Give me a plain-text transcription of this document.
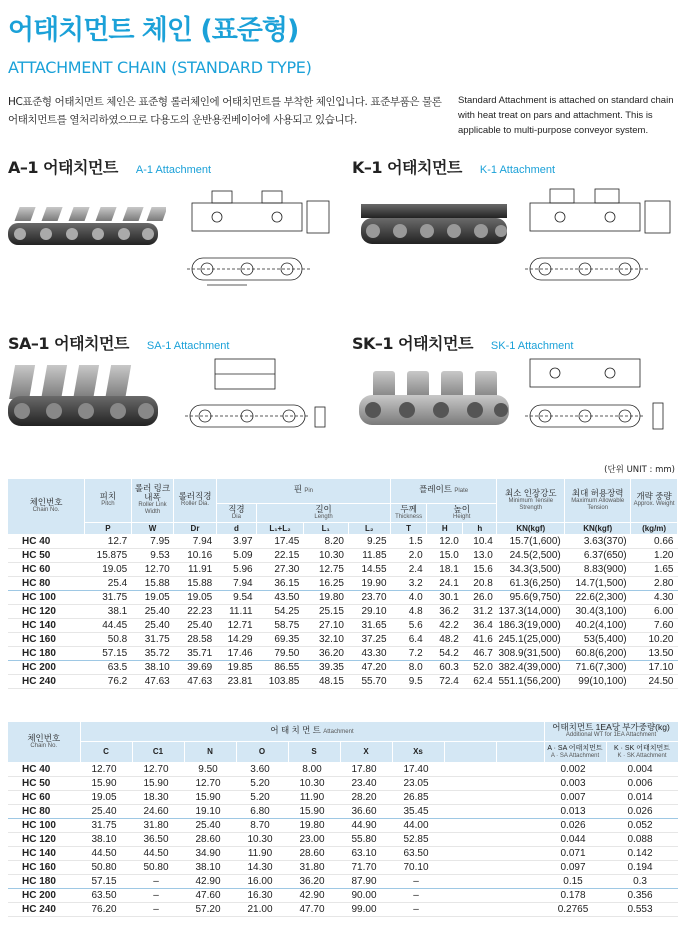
어태치먼트 체인 (표준형)
ATTACHMENT CHAIN (STANDARD TYPE)
HC표준형 어태치먼트 체인은 표준형 롤러체인에 어태치먼트를 부착한 체인입니다. 표준부품은 물론 어태치먼트를 열처리하였으므로 다용도의 운반용컨베이어에 사용되고 있습니다.
Standard Attachment is attached on standard chain with heat treat on pars and attachment. This is applicable to multi-purpose conveyor system.
A–1 어태치먼트 A-1 Attachment	K–1 어태치먼트 K-1 Attachment
SA–1 어태치먼트 SA-1 Attachment	SK–1 어태치먼트 SK-1 Attachment
(단위 UNIT : mm)
체인번호
Chain No.	피치
Pitch	롤러 링크내폭
Roller Link Width	롤러직경
Roller Dia.	핀 Pin				플레이트 Plate			최소 인장강도
Minimum Tensile Strength	최대 허용장력
Maximum Allowable Tension	개략 중량
Approx. Weight

				직경
Dia	길이
Length			두께
Thickness	높이
Height				

	P	W	Dr	d	L₁+L₂	L₁	L₂	T	H	h	KN(kgf)	KN(kgf)	(kg/m)
HC 40	12.7	7.95	7.94	3.97	17.45	8.20	9.25	1.5	12.0	10.4	15.7(1,600)	3.63(370)	0.66
HC 50	15.875	9.53	10.16	5.09	22.15	10.30	11.85	2.0	15.0	13.0	24.5(2,500)	6.37(650)	1.20
HC 60	19.05	12.70	11.91	5.96	27.30	12.75	14.55	2.4	18.1	15.6	34.3(3,500)	8.83(900)	1.65
HC 80	25.4	15.88	15.88	7.94	36.15	16.25	19.90	3.2	24.1	20.8	61.3(6,250)	14.7(1,500)	2.80
HC 100	31.75	19.05	19.05	9.54	43.50	19.80	23.70	4.0	30.1	26.0	95.6(9,750)	22.6(2,300)	4.30
HC 120	38.1	25.40	22.23	11.11	54.25	25.15	29.10	4.8	36.2	31.2	137.3(14,000)	30.4(3,100)	6.00
HC 140	44.45	25.40	25.40	12.71	58.75	27.10	31.65	5.6	42.2	36.4	186.3(19,000)	40.2(4,100)	7.60
HC 160	50.8	31.75	28.58	14.29	69.35	32.10	37.25	6.4	48.2	41.6	245.1(25,000)	53(5,400)	10.20
HC 180	57.15	35.72	35.71	17.46	79.50	36.20	43.30	7.2	54.2	46.7	308.9(31,500)	60.8(6,200)	13.50
HC 200	63.5	38.10	39.69	19.85	86.55	39.35	47.20	8.0	60.3	52.0	382.4(39,000)	71.6(7,300)	17.10
HC 240	76.2	47.63	47.63	23.81	103.85	48.15	55.70	9.5	72.4	62.4	551.1(56,200)	99(10,100)	24.50
체인번호
Chain No.	어 태 치 먼 트 Attachment									어태치먼트 1EA당 부가중량(kg)
Additional WT for 1EA Attachment	

	C	C1	N	O	S	X	Xs			A · SA 어태치먼트
A · SA Attachment	K · SK 어태치먼트
K · SK Attachment

HC 40	12.70	12.70	9.50	3.60	8.00	17.80	17.40			0.002	0.004
HC 50	15.90	15.90	12.70	5.20	10.30	23.40	23.05			0.003	0.006
HC 60	19.05	18.30	15.90	5.20	11.90	28.20	26.85			0.007	0.014
HC 80	25.40	24.60	19.10	6.80	15.90	36.60	35.45			0.013	0.026
HC 100	31.75	31.80	25.40	8.70	19.80	44.90	44.00			0.026	0.052
HC 120	38.10	36.50	28.60	10.30	23.00	55.80	52.85			0.044	0.088
HC 140	44.50	44.50	34.90	11.90	28.60	63.10	63.50			0.071	0.142
HC 160	50.80	50.80	38.10	14.30	31.80	71.70	70.10			0.097	0.194
HC 180	57.15	–	42.90	16.00	36.20	87.90	–			0.15	0.3
HC 200	63.50	–	47.60	16.30	42.90	90.00	–			0.178	0.356
HC 240	76.20	–	57.20	21.00	47.70	99.00	–			0.2765	0.553
